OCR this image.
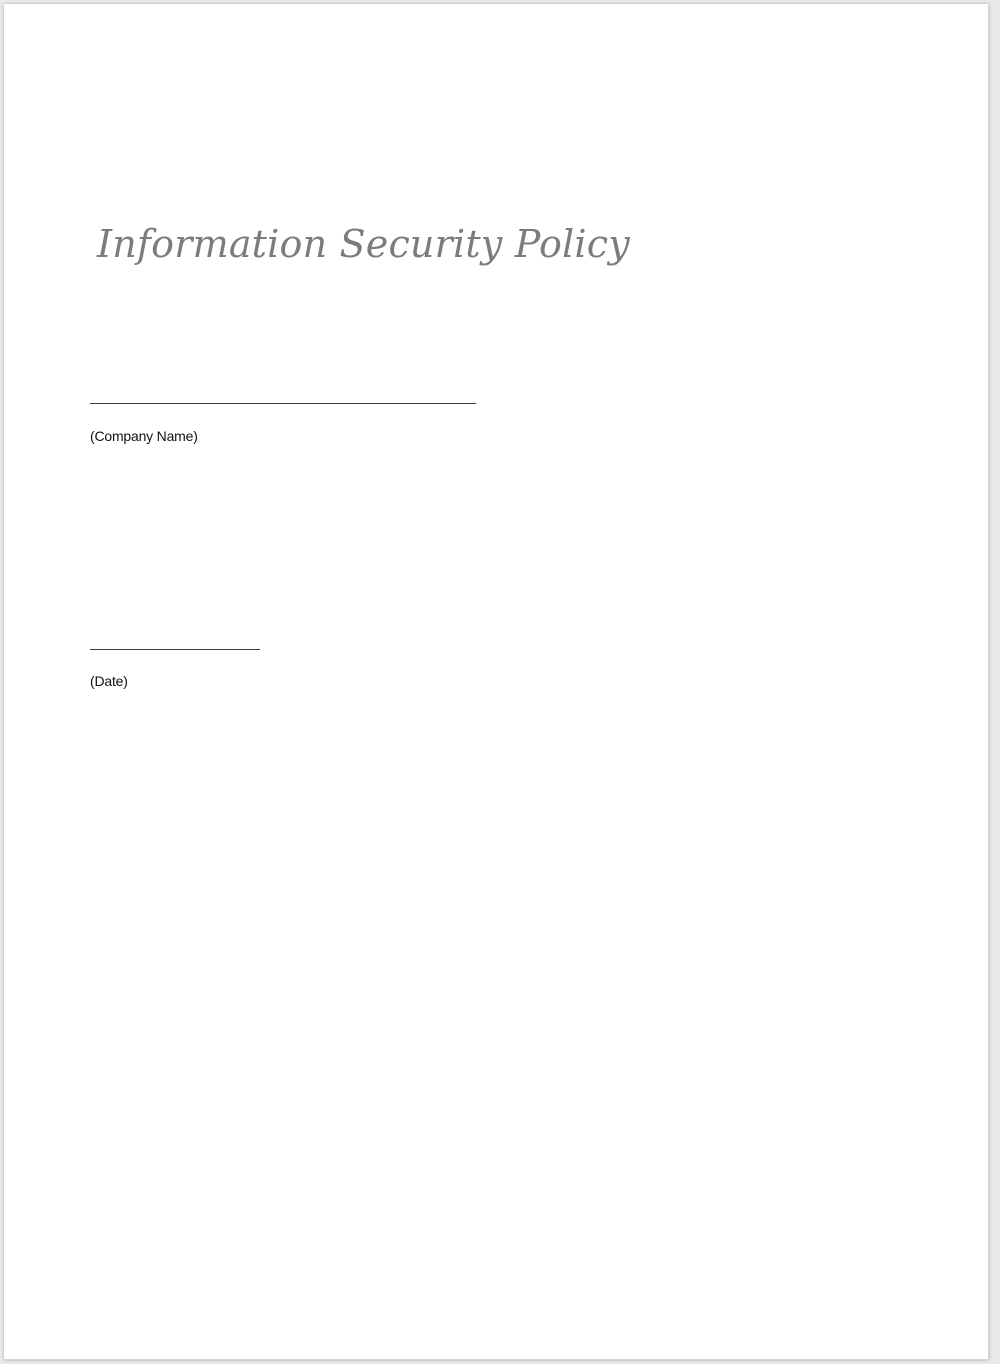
Information Security Policy

(Company Name)

(Date)
